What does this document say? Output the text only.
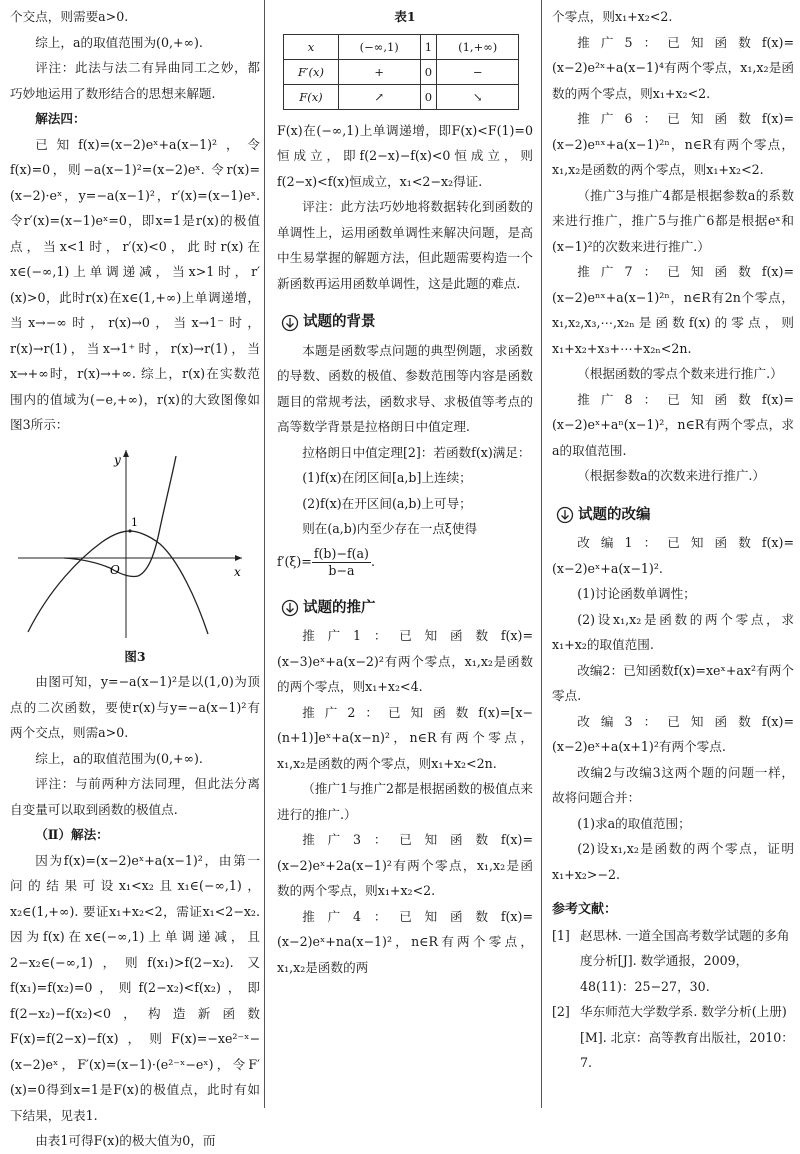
个交点，则需要a>0.

综上，a的取值范围为(0,+∞).

评注：此法与法二有异曲同工之妙，都巧妙地运用了数形结合的思想来解题.

解法四：

已知f(x)=(x−2)eˣ+a(x−1)²，令f(x)=0，则−a(x−1)²=(x−2)eˣ. 令r(x)=(x−2)·eˣ，y=−a(x−1)²，r′(x)=(x−1)eˣ. 令r′(x)=(x−1)eˣ=0，即x=1是r(x)的极值点，当x<1时，r′(x)<0，此时r(x)在x∈(−∞,1)上单调递减，当x>1时，r′(x)>0，此时r(x)在x∈(1,+∞)上单调递增，当x→−∞时，r(x)→0，当x→1⁻时，r(x)→r(1)，当x→1⁺时，r(x)→r(1)，当x→+∞时，r(x)→+∞. 综上，r(x)在实数范围内的值域为(−e,+∞)，r(x)的大致图像如图3所示：

y
x
O
1

图3

由图可知，y=−a(x−1)²是以(1,0)为顶点的二次函数，要使r(x)与y=−a(x−1)²有两个交点，则需a>0.

综上，a的取值范围为(0,+∞).

评注：与前两种方法同理，但此法分离自变量可以取到函数的极值点.

（Ⅱ）解法：

因为f(x)=(x−2)eˣ+a(x−1)²，由第一问的结果可设x₁<x₂且x₁∈(−∞,1)，x₂∈(1,+∞). 要证x₁+x₂<2，需证x₁<2−x₂. 因为f(x)在x∈(−∞,1)上单调递减，且2−x₂∈(−∞,1)，则f(x₁)>f(2−x₂). 又f(x₁)=f(x₂)=0，则f(2−x₂)<f(x₂)，即f(2−x₂)−f(x₂)<0，构造新函数F(x)=f(2−x)−f(x)，则F(x)=−xe²⁻ˣ−(x−2)eˣ，F′(x)=(x−1)·(e²⁻ˣ−eˣ)，令F′(x)=0得到x=1是F(x)的极值点，此时有如下结果，见表1.

由表1可得F(x)的极大值为0，而

表1

x	(−∞,1)	1	(1,+∞)
F′(x)	+	0	−
F(x)	↗	0	↘

F(x)在(−∞,1)上单调递增，即F(x)<F(1)=0恒成立，即f(2−x)−f(x)<0恒成立，则f(2−x)<f(x)恒成立，x₁<2−x₂得证.

评注：此方法巧妙地将数据转化到函数的单调性上，运用函数单调性来解决问题，是高中生易掌握的解题方法，但此题需要构造一个新函数再运用函数单调性，这是此题的难点.

试题的背景

本题是函数零点问题的典型例题，求函数的导数、函数的极值、参数范围等内容是函数题目的常规考法，函数求导、求极值等考点的高等数学背景是拉格朗日中值定理.

拉格朗日中值定理[2]：若函数f(x)满足：

(1)f(x)在闭区间[a,b]上连续；

(2)f(x)在开区间(a,b)上可导；

则在(a,b)内至少存在一点ξ使得

$f'(\xi)= \frac{f(b)-f(a)}{b-a}$ .

试题的推广

推广1：已知函数f(x)=(x−3)eˣ+a(x−2)²有两个零点，x₁,x₂是函数的两个零点，则x₁+x₂<4.

推广2：已知函数f(x)=[x−(n+1)]eˣ+a(x−n)²，n∈R有两个零点，x₁,x₂是函数的两个零点，则x₁+x₂<2n.

（推广1与推广2都是根据函数的极值点来进行的推广.）

推广3：已知函数f(x)=(x−2)eˣ+2a(x−1)²有两个零点，x₁,x₂是函数的两个零点，则x₁+x₂<2.

推广4：已知函数f(x)=(x−2)eˣ+na(x−1)²，n∈R有两个零点，x₁,x₂是函数的两

个零点，则x₁+x₂<2.

推广5：已知函数f(x)=(x−2)e²ˣ+a(x−1)⁴有两个零点，x₁,x₂是函数的两个零点，则x₁+x₂<2.

推广6：已知函数f(x)=(x−2)eⁿˣ+a(x−1)²ⁿ，n∈R有两个零点，x₁,x₂是函数的两个零点，则x₁+x₂<2.

（推广3与推广4都是根据参数a的系数来进行推广，推广5与推广6都是根据eˣ和(x−1)²的次数来进行推广.）

推广7：已知函数f(x)=(x−2)eⁿˣ+a(x−1)²ⁿ，n∈R有2n个零点，x₁,x₂,x₃,⋯,x₂ₙ是函数f(x)的零点，则x₁+x₂+x₃+⋯+x₂ₙ<2n.

（根据函数的零点个数来进行推广.）

推广8：已知函数f(x)=(x−2)eˣ+aⁿ(x−1)²，n∈R有两个零点，求a的取值范围.

（根据参数a的次数来进行推广.）

试题的改编

改编1：已知函数f(x)=(x−2)eˣ+a(x−1)².

(1)讨论函数单调性；

(2)设x₁,x₂是函数的两个零点，求x₁+x₂的取值范围.

改编2：已知函数f(x)=xeˣ+ax²有两个零点.

改编3：已知函数f(x)=(x−2)eˣ+a(x+1)²有两个零点.

改编2与改编3这两个题的问题一样，故将问题合并：

(1)求a的取值范围；

(2)设x₁,x₂是函数的两个零点，证明x₁+x₂>−2.

参考文献：

[1] 赵思林. 一道全国高考数学试题的多角度分析[J]. 数学通报，2009，48(11)：25−27，30.
[2] 华东师范大学数学系. 数学分析(上册)[M]. 北京：高等教育出版社，2010：7.
